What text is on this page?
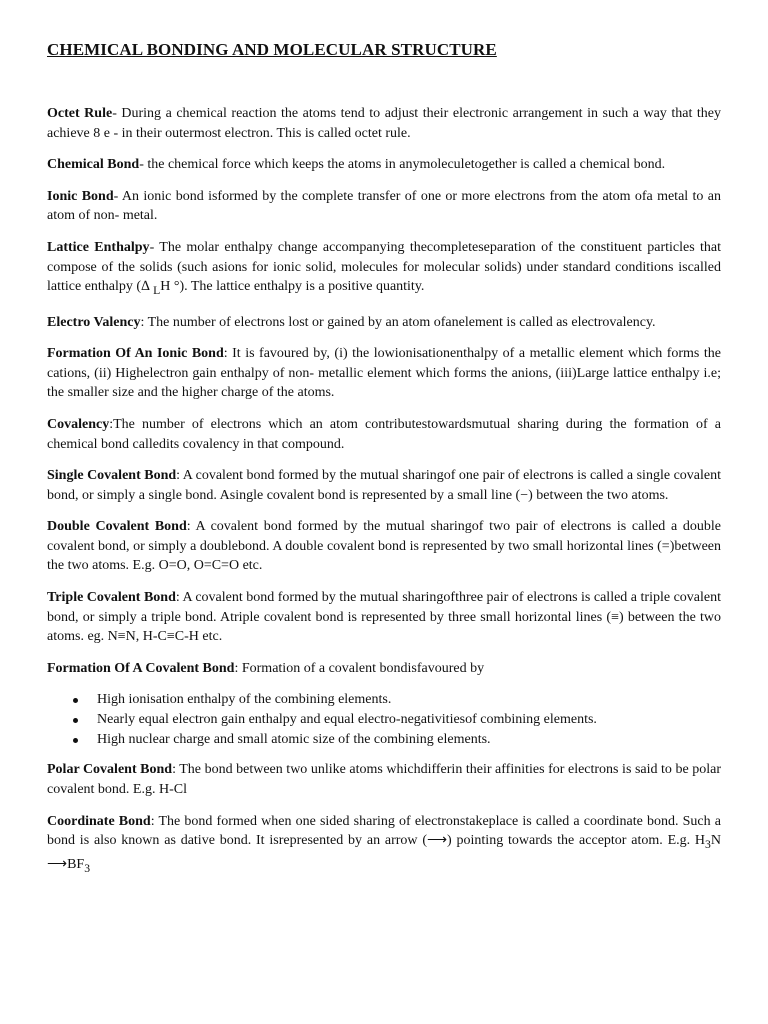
CHEMICAL BONDING AND MOLECULAR STRUCTURE

Octet Rule- During a chemical reaction the atoms tend to adjust their electronic arrangement in such a way that they achieve 8 e - in their outermost electron. This is called octet rule.

Chemical Bond- the chemical force which keeps the atoms in anymoleculetogether is called a chemical bond.

Ionic Bond- An ionic bond isformed by the complete transfer of one or more electrons from the atom ofa metal to an atom of non- metal.

Lattice Enthalpy- The molar enthalpy change accompanying thecompleteseparation of the constituent particles that compose of the solids (such asions for ionic solid, molecules for molecular solids) under standard conditions iscalled lattice enthalpy (∆ $_L$H °). The lattice enthalpy is a positive quantity.

Electro Valency: The number of electrons lost or gained by an atom ofanelement is called as electrovalency.

Formation Of An Ionic Bond: It is favoured by, (i) the lowionisationenthalpy of a metallic element which forms the cations, (ii) Highelectron gain enthalpy of non- metallic element which forms the anions, (iii)Large lattice enthalpy i.e; the smaller size and the higher charge of the atoms.

Covalency:The number of electrons which an atom contributestowardsmutual sharing during the formation of a chemical bond calledits covalency in that compound.

Single Covalent Bond: A covalent bond formed by the mutual sharingof one pair of electrons is called a single covalent bond, or simply a single bond. Asingle covalent bond is represented by a small line (−) between the two atoms.

Double Covalent Bond: A covalent bond formed by the mutual sharingof two pair of electrons is called a double covalent bond, or simply a doublebond. A double covalent bond is represented by two small horizontal lines (=)between the two atoms. E.g. O=O, O=C=O etc.

Triple Covalent Bond: A covalent bond formed by the mutual sharingofthree pair of electrons is called a triple covalent bond, or simply a triple bond. Atriple covalent bond is represented by three small horizontal lines (≡) between the two atoms. eg. N≡N, H-C≡C-H etc.

Formation Of A Covalent Bond: Formation of a covalent bondisfavoured by

High ionisation enthalpy of the combining elements.
Nearly equal electron gain enthalpy and equal electro-negativitiesof combining elements.
High nuclear charge and small atomic size of the combining elements.

Polar Covalent Bond: The bond between two unlike atoms whichdifferin their affinities for electrons is said to be polar covalent bond. E.g. H-Cl

Coordinate Bond: The bond formed when one sided sharing of electronstakeplace is called a coordinate bond. Such a bond is also known as dative bond. It isrepresented by an arrow (⟶) pointing towards the acceptor atom. E.g. $H_3N$ $⟶BF_3$
